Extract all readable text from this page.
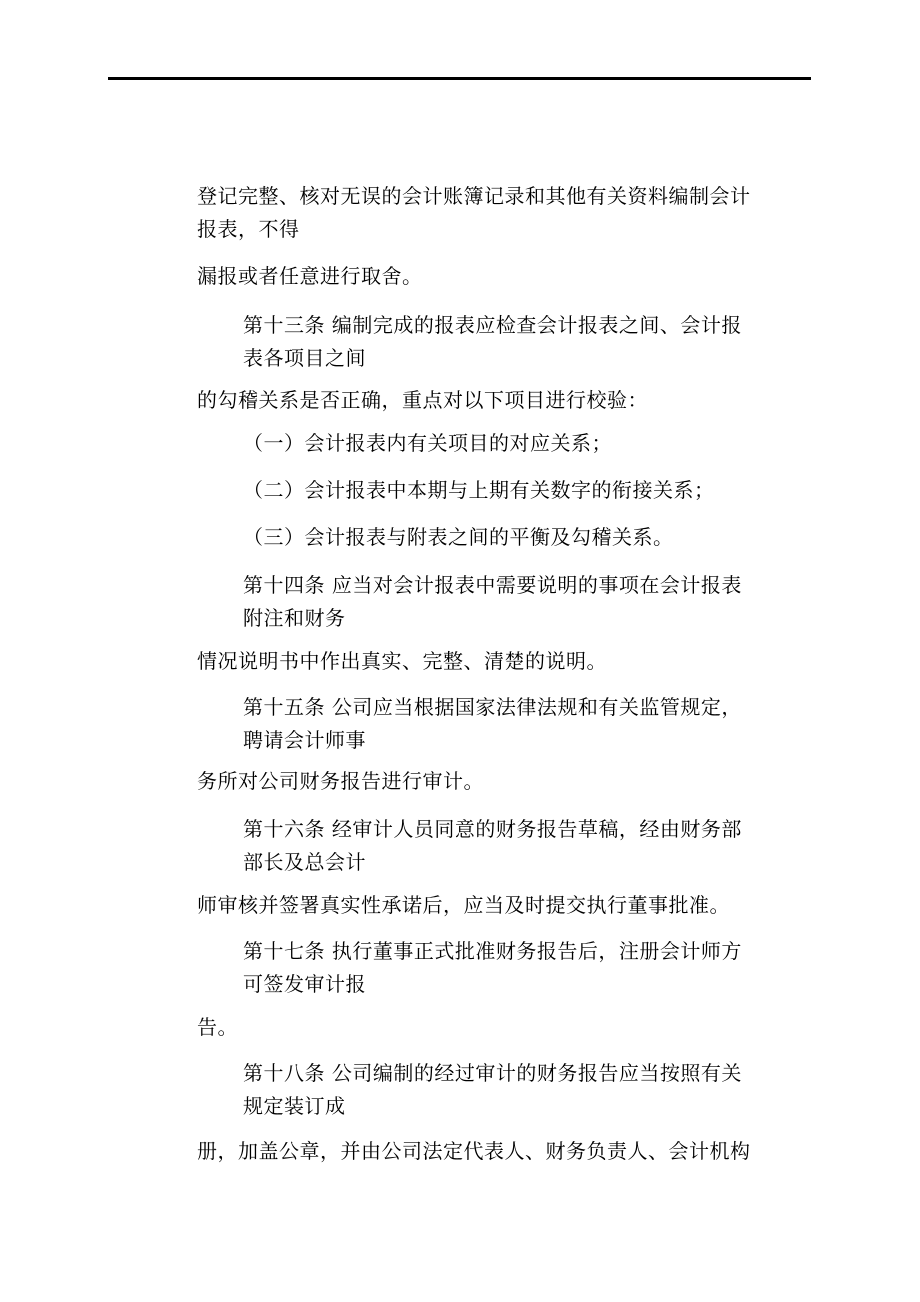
登记完整、核对无误的会计账簿记录和其他有关资料编制会计
报表，不得
漏报或者任意进行取舍。
第十三条 编制完成的报表应检查会计报表之间、会计报
表各项目之间
的勾稽关系是否正确，重点对以下项目进行校验：
（一）会计报表内有关项目的对应关系；
（二）会计报表中本期与上期有关数字的衔接关系；
（三）会计报表与附表之间的平衡及勾稽关系。
第十四条 应当对会计报表中需要说明的事项在会计报表
附注和财务
情况说明书中作出真实、完整、清楚的说明。
第十五条 公司应当根据国家法律法规和有关监管规定，
聘请会计师事
务所对公司财务报告进行审计。
第十六条 经审计人员同意的财务报告草稿，经由财务部
部长及总会计
师审核并签署真实性承诺后，应当及时提交执行董事批准。
第十七条 执行董事正式批准财务报告后，注册会计师方
可签发审计报
告。
第十八条 公司编制的经过审计的财务报告应当按照有关
规定装订成
册，加盖公章，并由公司法定代表人、财务负责人、会计机构
